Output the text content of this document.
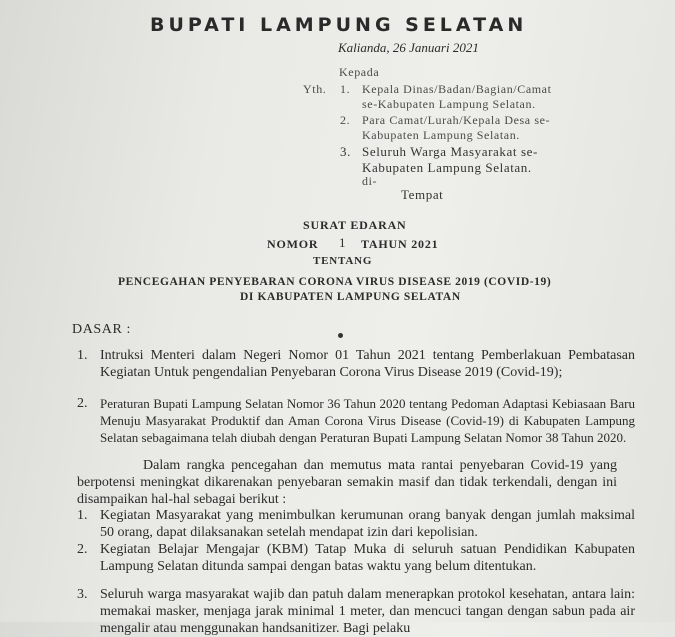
BUPATI LAMPUNG SELATAN
Kalianda, 26 Januari 2021
Kepada
Yth. 1. Kepala Dinas/Badan/Bagian/Camat
se-Kabupaten Lampung Selatan.
2. Para Camat/Lurah/Kepala Desa se-
Kabupaten Lampung Selatan.
3. Seluruh Warga Masyarakat se-
Kabupaten Lampung Selatan.
di-
Tempat
SURAT EDARAN
NOMOR 1 TAHUN 2021
TENTANG
PENCEGAHAN PENYEBARAN CORONA VIRUS DISEASE 2019 (COVID-19)
DI KABUPATEN LAMPUNG SELATAN
DASAR :
1. Intruksi Menteri dalam Negeri Nomor 01 Tahun 2021 tentang Pemberlakuan Pembatasan Kegiatan Untuk pengendalian Penyebaran Corona Virus Disease 2019 (Covid-19);
2. Peraturan Bupati Lampung Selatan Nomor 36 Tahun 2020 tentang Pedoman Adaptasi Kebiasaan Baru Menuju Masyarakat Produktif dan Aman Corona Virus Disease (Covid-19) di Kabupaten Lampung Selatan sebagaimana telah diubah dengan Peraturan Bupati Lampung Selatan Nomor 38 Tahun 2020.
Dalam rangka pencegahan dan memutus mata rantai penyebaran Covid-19 yang berpotensi meningkat dikarenakan penyebaran semakin masif dan tidak terkendali, dengan ini disampaikan hal-hal sebagai berikut :
1. Kegiatan Masyarakat yang menimbulkan kerumunan orang banyak dengan jumlah maksimal 50 orang, dapat dilaksanakan setelah mendapat izin dari kepolisian.
2. Kegiatan Belajar Mengajar (KBM) Tatap Muka di seluruh satuan Pendidikan Kabupaten Lampung Selatan ditunda sampai dengan batas waktu yang belum ditentukan.
3. Seluruh warga masyarakat wajib dan patuh dalam menerapkan protokol kesehatan, antara lain: memakai masker, menjaga jarak minimal 1 meter, dan mencuci tangan dengan sabun pada air mengalir atau menggunakan handsanitizer. Bagi pelaku
